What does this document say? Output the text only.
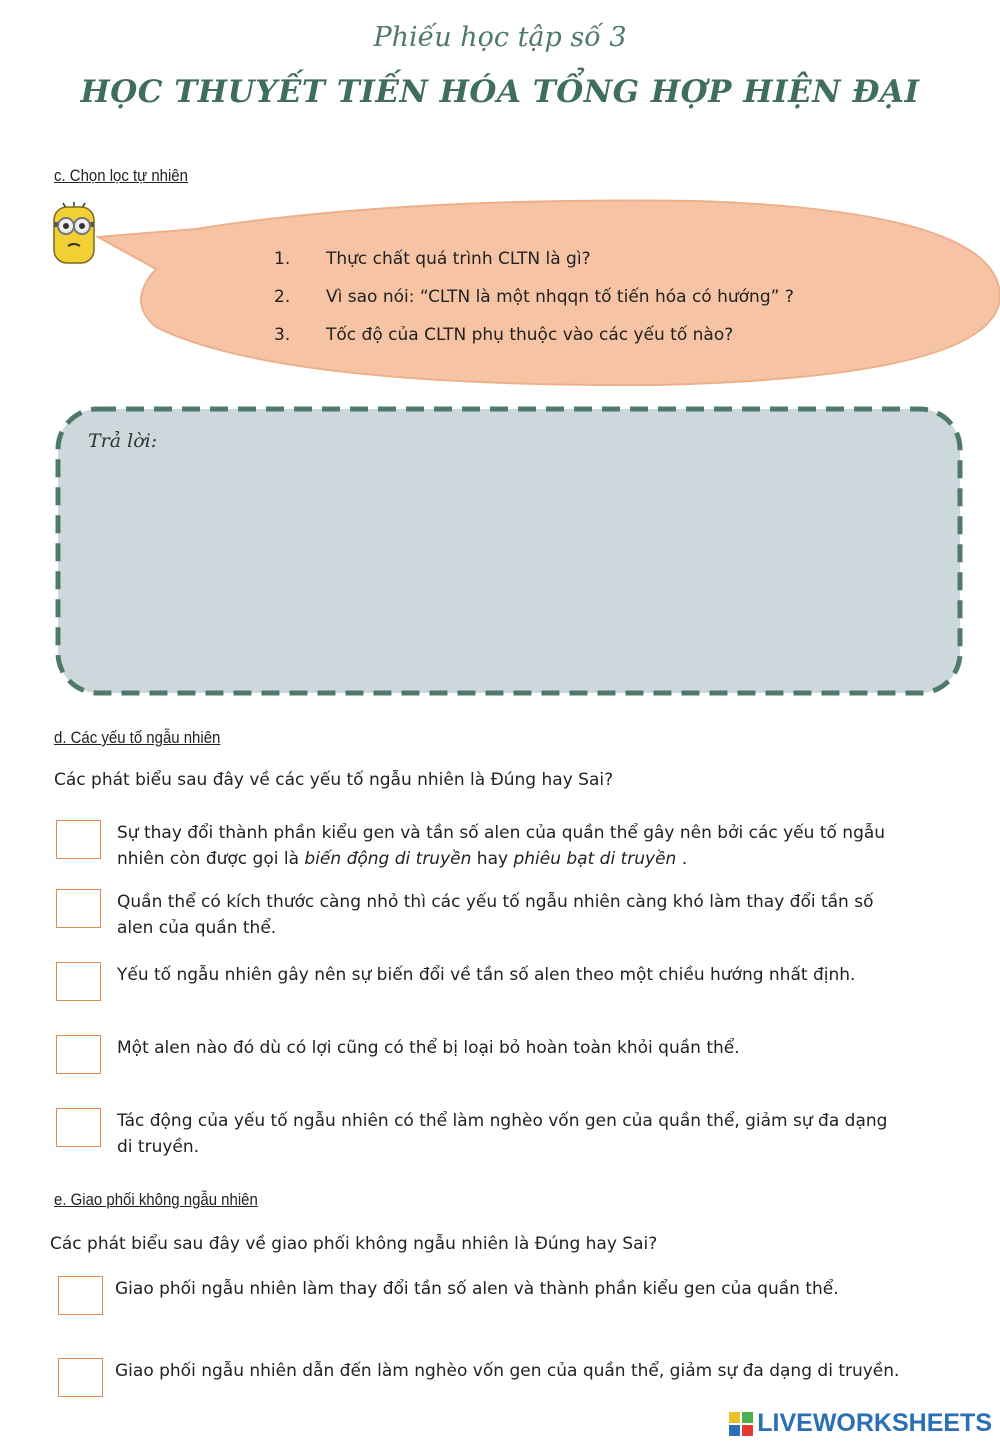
Phiếu học tập số 3
HỌC THUYẾT TIẾN HÓA TỔNG HỢP HIỆN ĐẠI
c. Chọn lọc tự nhiên
1.	Thực chất quá trình CLTN là gì?
2.	Vì sao nói: “CLTN là một nhqqn tố tiến hóa có hướng” ?
3.	Tốc độ của CLTN phụ thuộc vào các yếu tố nào?
Trả lời:
d. Các yếu tố ngẫu nhiên
Các phát biểu sau đây về các yếu tố ngẫu nhiên là Đúng hay Sai?
Sự thay đổi thành phần kiểu gen và tần số alen của quần thể gây nên bởi các yếu tố ngẫu nhiên còn được gọi là biến động di truyền hay phiêu bạt di truyền .
Quần thể có kích thước càng nhỏ thì các yếu tố ngẫu nhiên càng khó làm thay đổi tần số alen của quần thể.
Yếu tố ngẫu nhiên gây nên sự biến đổi về tần số alen theo một chiều hướng nhất định.
Một alen nào đó dù có lợi cũng có thể bị loại bỏ hoàn toàn khỏi quần thể.
Tác động của yếu tố ngẫu nhiên có thể làm nghèo vốn gen của quần thể, giảm sự đa dạng di truyền.
e. Giao phối không ngẫu nhiên
Các phát biểu sau đây về giao phối không ngẫu nhiên là Đúng hay Sai?
Giao phối ngẫu nhiên làm thay đổi tần số alen và thành phần kiểu gen của quần thể.
Giao phối ngẫu nhiên dẫn đến làm nghèo vốn gen của quần thể, giảm sự đa dạng di truyền.
LIVEWORKSHEETS
